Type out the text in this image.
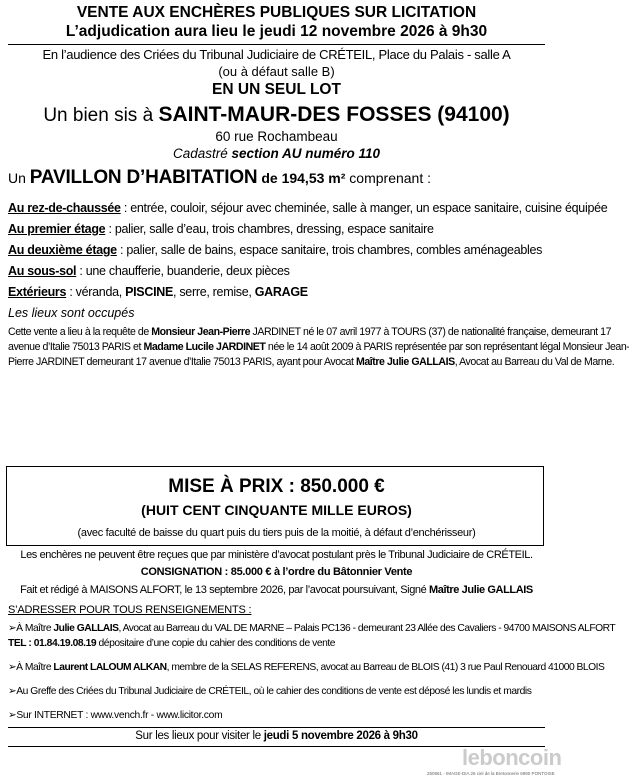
VENTE AUX ENCHÈRES PUBLIQUES SUR LICITATION
L’adjudication aura lieu le jeudi 12 novembre 2026 à 9h30
En l’audience des Criées du Tribunal Judiciaire de CRÉTEIL, Place du Palais - salle A
(ou à défaut salle B)
EN UN SEUL LOT
Un bien sis à SAINT-MAUR-DES FOSSES (94100)
60 rue Rochambeau
Cadastré section AU numéro 110
Un PAVILLON D’HABITATION de 194,53 m² comprenant :
Au rez-de-chaussée : entrée, couloir, séjour avec cheminée, salle à manger, un espace sanitaire, cuisine équipée
Au premier étage : palier, salle d’eau, trois chambres, dressing, espace sanitaire
Au deuxième étage : palier, salle de bains, espace sanitaire, trois chambres, combles aménageables
Au sous-sol : une chaufferie, buanderie, deux pièces
Extérieurs : véranda, PISCINE, serre, remise, GARAGE
Les lieux sont occupés
Cette vente a lieu à la requête de Monsieur Jean-Pierre JARDINET né le 07 avril 1977 à TOURS (37) de nationalité française, demeurant 17
avenue d’Italie 75013 PARIS et Madame Lucile JARDINET née le 14 août 2009 à PARIS représentée par son représentant légal Monsieur Jean-
Pierre JARDINET demeurant 17 avenue d’Italie 75013 PARIS, ayant pour Avocat Maître Julie GALLAIS, Avocat au Barreau du Val de Marne.
MISE À PRIX : 850.000 €
(HUIT CENT CINQUANTE MILLE EUROS)
(avec faculté de baisse du quart puis du tiers puis de la moitié, à défaut d’enchérisseur)
Les enchères ne peuvent être reçues que par ministère d’avocat postulant près le Tribunal Judiciaire de CRÉTEIL.
CONSIGNATION : 85.000 € à l’ordre du Bâtonnier Vente
Fait et rédigé à MAISONS ALFORT, le 13 septembre 2026, par l’avocat poursuivant, Signé Maître Julie GALLAIS
S’ADRESSER POUR TOUS RENSEIGNEMENTS :
➢À Maître Julie GALLAIS, Avocat au Barreau du VAL DE MARNE – Palais PC136 - demeurant 23 Allée des Cavaliers - 94700 MAISONS ALFORT
TEL : 01.84.19.08.19 dépositaire d’une copie du cahier des conditions de vente
➢À Maître Laurent LALOUM ALKAN, membre de la SELAS REFERENS, avocat au Barreau de BLOIS (41) 3 rue Paul Renouard 41000 BLOIS
➢Au Greffe des Criées du Tribunal Judiciaire de CRÉTEIL, où le cahier des conditions de vente est déposé les lundis et mardis
➢Sur INTERNET : www.vench.fr - www.licitor.com
Sur les lieux pour visiter le jeudi 5 novembre 2026 à 9h30
leboncoin
260961 - IMAGE-DIA 26 ciel de la Bretonnerie 6990 PONTOISE
